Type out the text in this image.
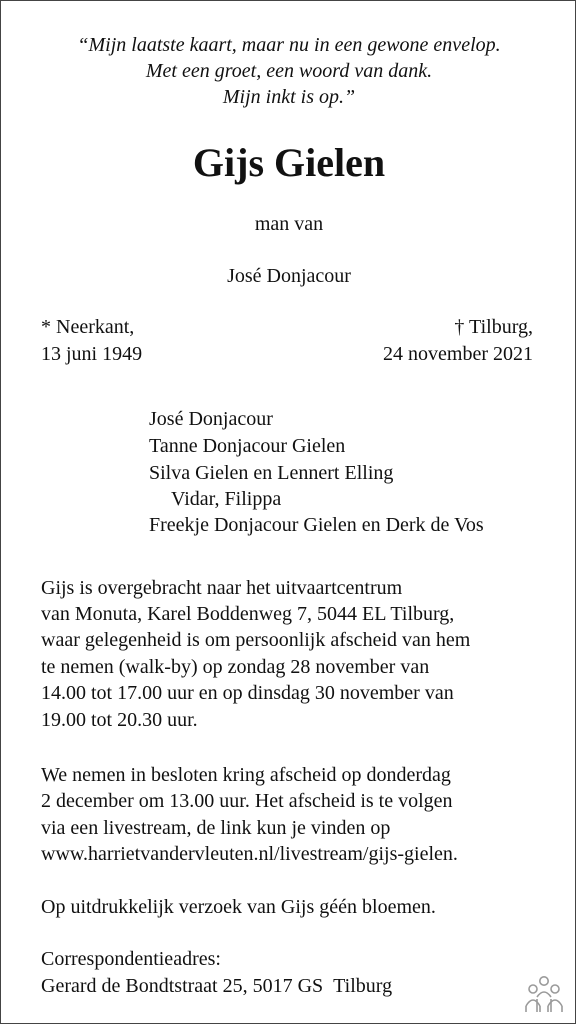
“Mijn laatste kaart, maar nu in een gewone envelop.

Met een groet, een woord van dank.

Mijn inkt is op.”

Gijs Gielen

man van

José Donjacour

* Neerkant,

13 juni 1949

† Tilburg,

24 november 2021

José Donjacour

Tanne Donjacour Gielen

Silva Gielen en Lennert Elling

Vidar, Filippa

Freekje Donjacour Gielen en Derk de Vos

Gijs is overgebracht naar het uitvaartcentrum

van Monuta, Karel Boddenweg 7, 5044 EL Tilburg,

waar gelegenheid is om persoonlijk afscheid van hem

te nemen (walk-by) op zondag 28 november van

14.00 tot 17.00 uur en op dinsdag 30 november van

19.00 tot 20.30 uur.

We nemen in besloten kring afscheid op donderdag

2 december om 13.00 uur. Het afscheid is te volgen

via een livestream, de link kun je vinden op

www.harrietvandervleuten.nl/livestream/gijs-gielen.

Op uitdrukkelijk verzoek van Gijs géén bloemen.

Correspondentieadres:

Gerard de Bondtstraat 25, 5017 GS  Tilburg
